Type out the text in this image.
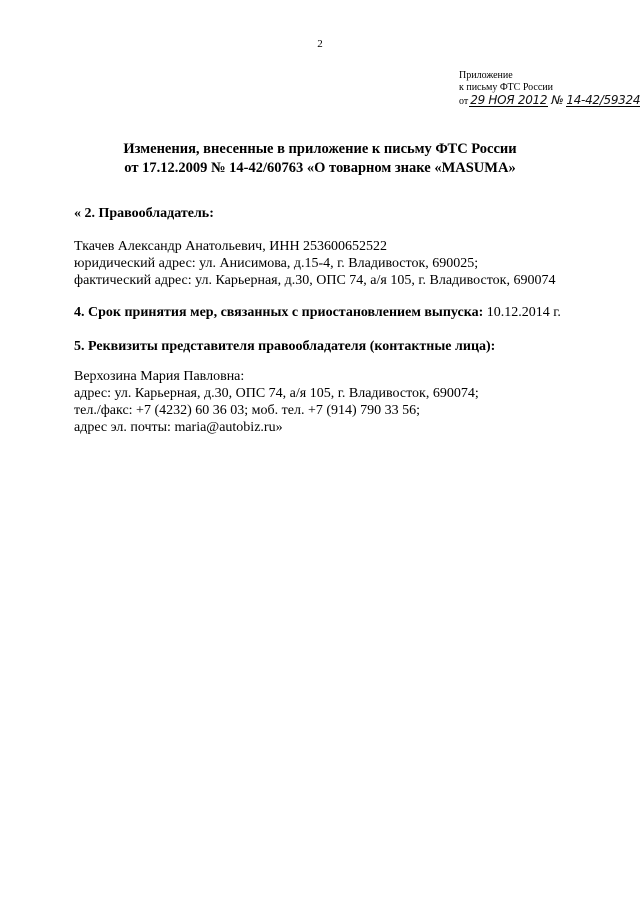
2
Приложение
к письму ФТС России
от 29 НОЯ 2012 № 14-42/59324
Изменения, внесенные в приложение к письму ФТС России
от 17.12.2009 № 14-42/60763 «О товарном знаке «MASUMA»
« 2. Правообладатель:
Ткачев Александр Анатольевич, ИНН 253600652522
юридический адрес: ул. Анисимова, д.15-4, г. Владивосток, 690025;
фактический адрес: ул. Карьерная, д.30, ОПС 74, а/я 105, г. Владивосток, 690074
4. Срок принятия мер, связанных с приостановлением выпуска: 10.12.2014 г.
5. Реквизиты представителя правообладателя (контактные лица):
Верхозина Мария Павловна:
адрес: ул. Карьерная, д.30, ОПС 74, а/я 105, г. Владивосток, 690074;
тел./факс: +7 (4232) 60 36 03; моб. тел. +7 (914) 790 33 56;
адрес эл. почты: maria@autobiz.ru»
